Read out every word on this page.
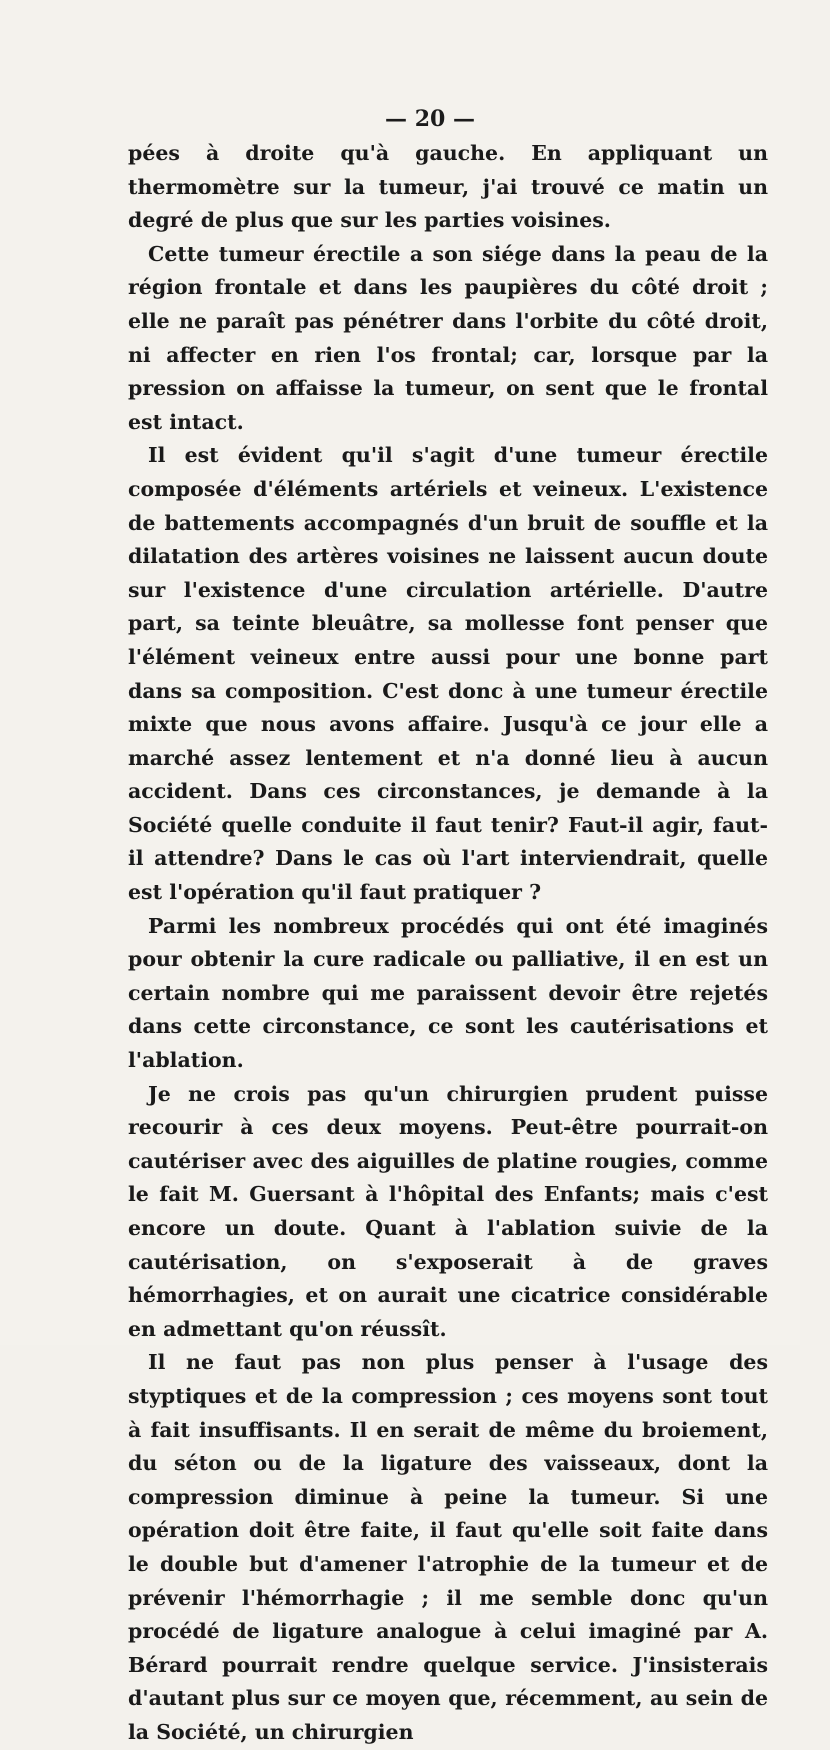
— 20 —

pées à droite qu'à gauche. En appliquant un thermomètre sur la tumeur, j'ai trouvé ce matin un degré de plus que sur les parties voisines.

Cette tumeur érectile a son siége dans la peau de la région frontale et dans les paupières du côté droit ; elle ne paraît pas pénétrer dans l'orbite du côté droit, ni affecter en rien l'os frontal; car, lorsque par la pression on affaisse la tumeur, on sent que le frontal est intact.

Il est évident qu'il s'agit d'une tumeur érectile composée d'éléments artériels et veineux. L'existence de battements accompagnés d'un bruit de souffle et la dilatation des artères voisines ne laissent aucun doute sur l'existence d'une circulation artérielle. D'autre part, sa teinte bleuâtre, sa mollesse font penser que l'élément veineux entre aussi pour une bonne part dans sa composition. C'est donc à une tumeur érectile mixte que nous avons affaire. Jusqu'à ce jour elle a marché assez lentement et n'a donné lieu à aucun accident. Dans ces circonstances, je demande à la Société quelle conduite il faut tenir? Faut-il agir, faut-il attendre? Dans le cas où l'art interviendrait, quelle est l'opération qu'il faut pratiquer ?

Parmi les nombreux procédés qui ont été imaginés pour obtenir la cure radicale ou palliative, il en est un certain nombre qui me paraissent devoir être rejetés dans cette circonstance, ce sont les cautérisations et l'ablation.

Je ne crois pas qu'un chirurgien prudent puisse recourir à ces deux moyens. Peut-être pourrait-on cautériser avec des aiguilles de platine rougies, comme le fait M. Guersant à l'hôpital des Enfants; mais c'est encore un doute. Quant à l'ablation suivie de la cautérisation, on s'exposerait à de graves hémorrhagies, et on aurait une cicatrice considérable en admettant qu'on réussît.

Il ne faut pas non plus penser à l'usage des styptiques et de la compression ; ces moyens sont tout à fait insuffisants. Il en serait de même du broiement, du séton ou de la ligature des vaisseaux, dont la compression diminue à peine la tumeur. Si une opération doit être faite, il faut qu'elle soit faite dans le double but d'amener l'atrophie de la tumeur et de prévenir l'hémorrhagie ; il me semble donc qu'un procédé de ligature analogue à celui imaginé par A. Bérard pourrait rendre quelque service. J'insisterais d'autant plus sur ce moyen que, récemment, au sein de la Société, un chirurgien
